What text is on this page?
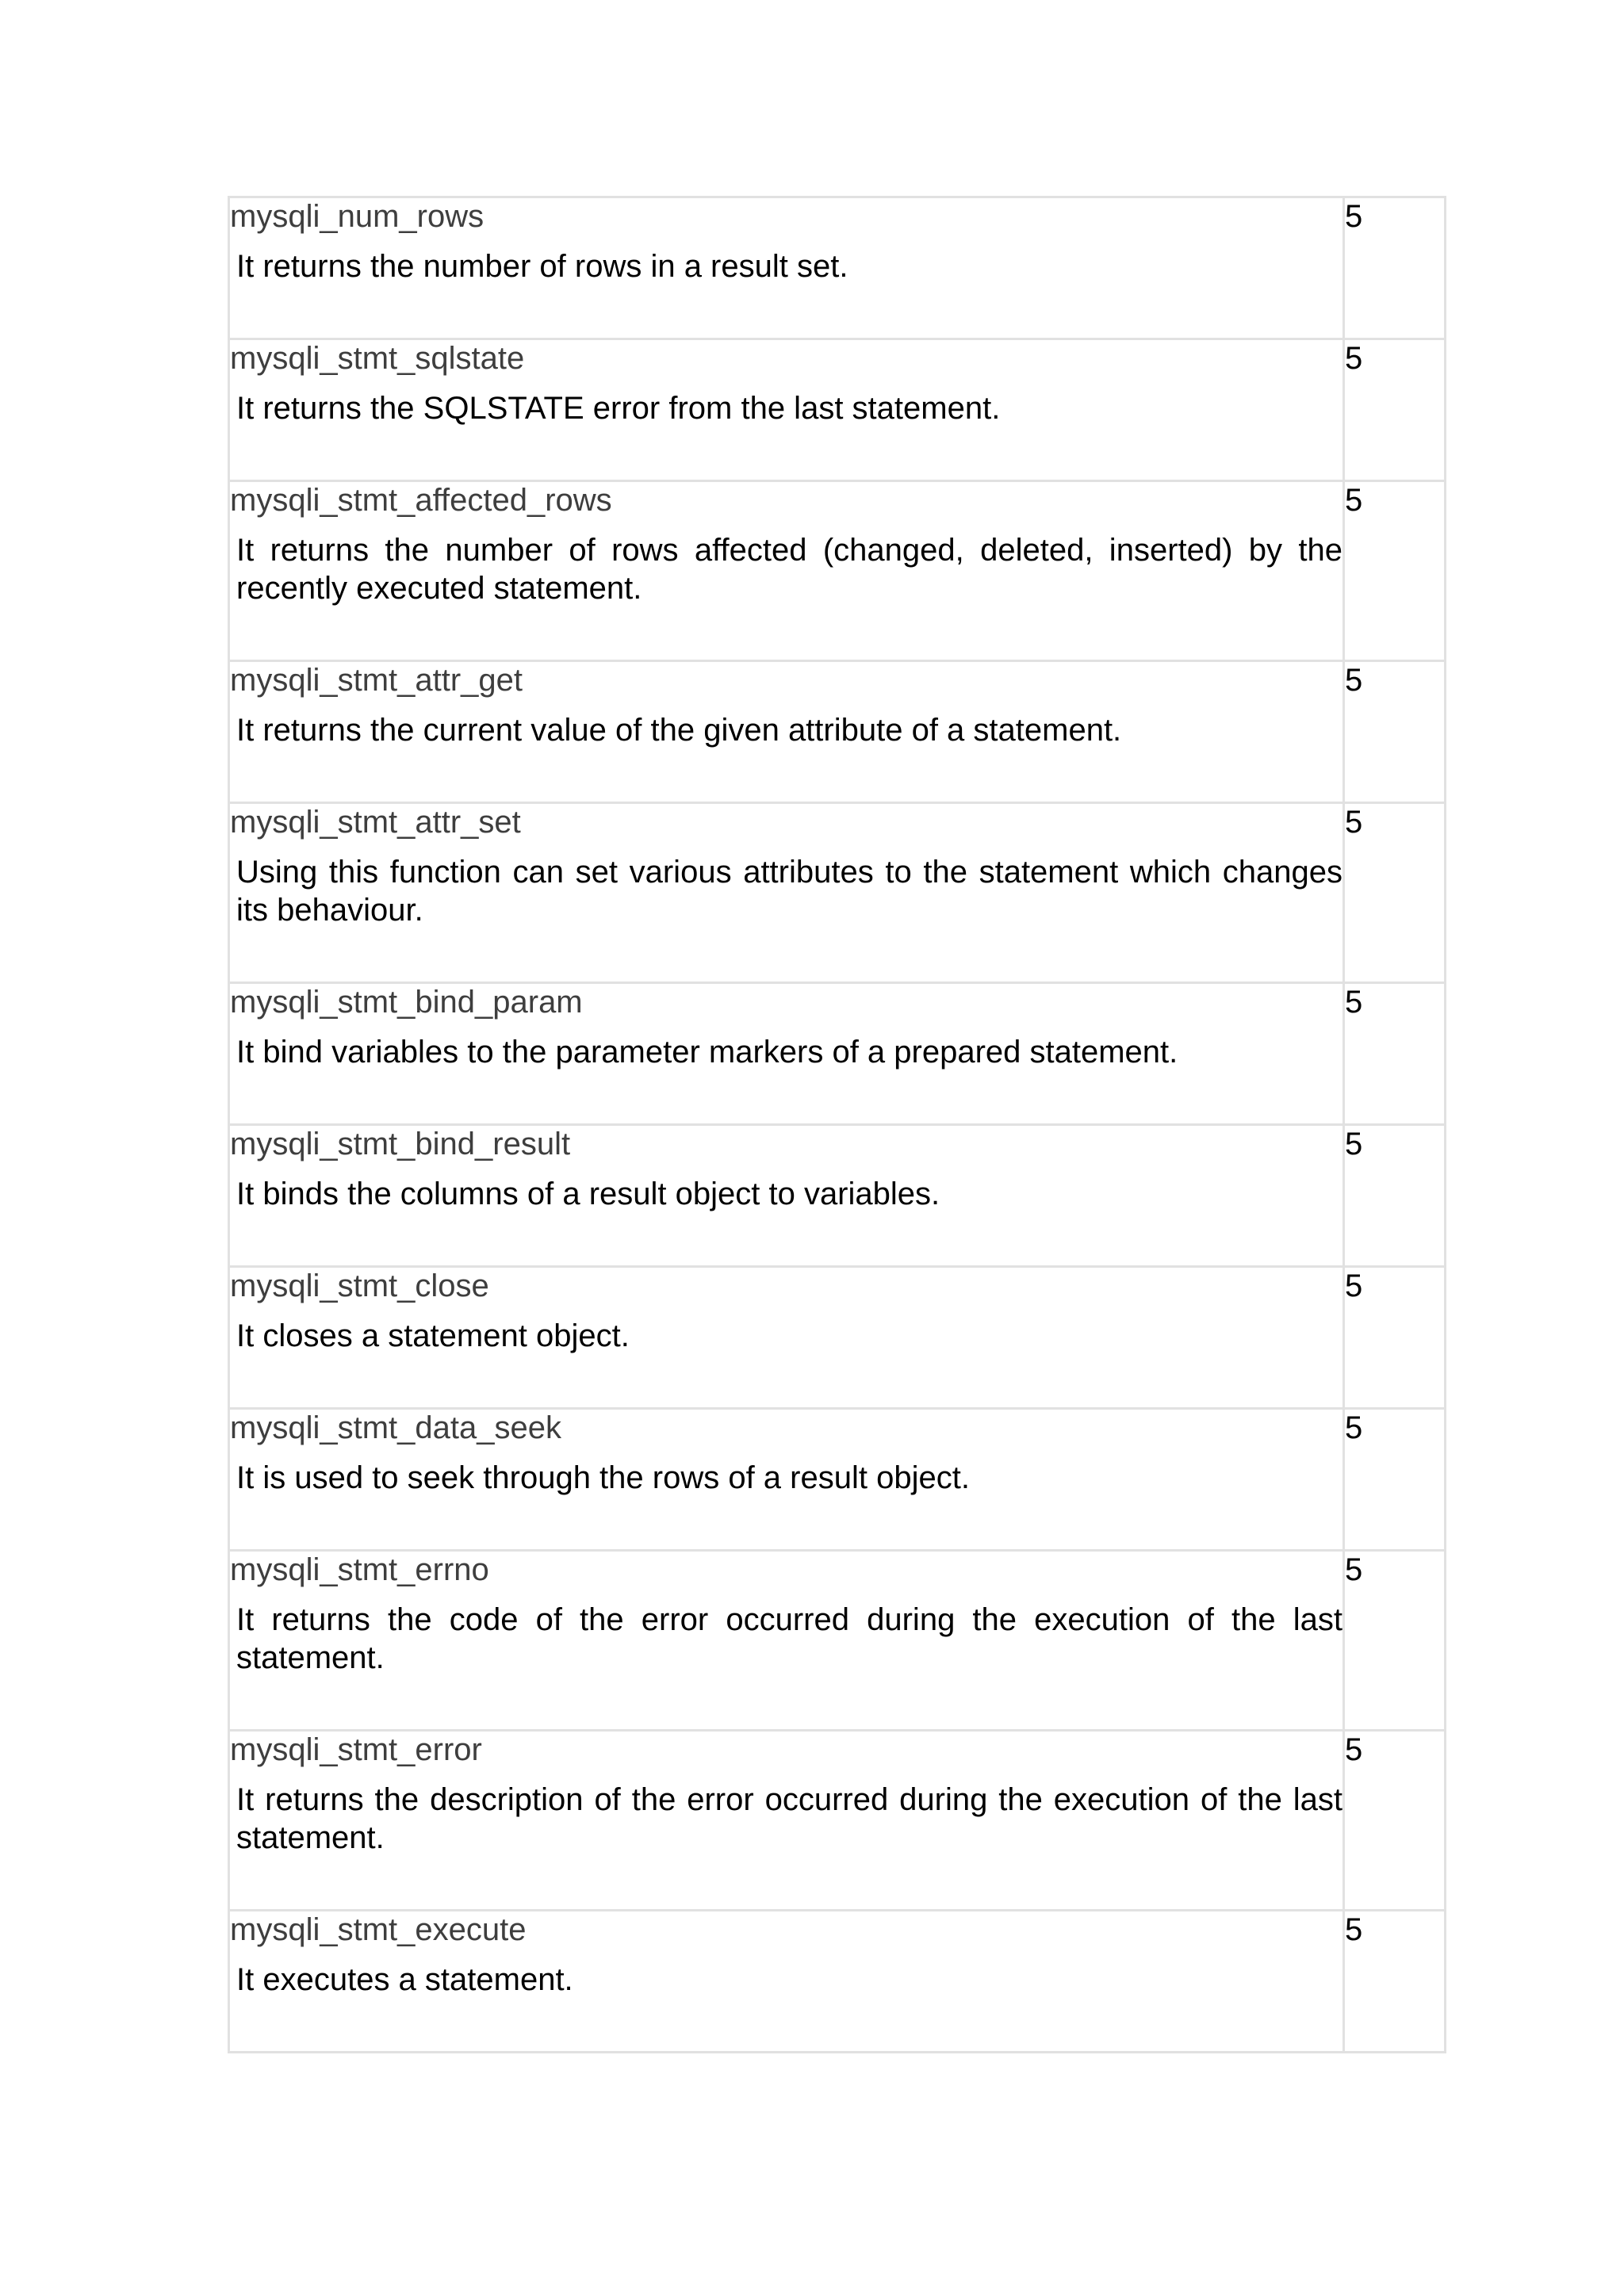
mysqli_num_rows
It returns the number of rows in a result set.	5

mysqli_stmt_sqlstate
It returns the SQLSTATE error from the last statement.	5

mysqli_stmt_affected_rows
It returns the number of rows affected (changed, deleted, inserted) by the recently executed statement.	5

mysqli_stmt_attr_get
It returns the current value of the given attribute of a statement.	5

mysqli_stmt_attr_set
Using this function can set various attributes to the statement which changes its behaviour.	5

mysqli_stmt_bind_param
It bind variables to the parameter markers of a prepared statement.	5

mysqli_stmt_bind_result
It binds the columns of a result object to variables.	5

mysqli_stmt_close
It closes a statement object.	5

mysqli_stmt_data_seek
It is used to seek through the rows of a result object.	5

mysqli_stmt_errno
It returns the code of the error occurred during the execution of the last statement.	5

mysqli_stmt_error
It returns the description of the error occurred during the execution of the last statement.	5

mysqli_stmt_execute
It executes a statement.	5
